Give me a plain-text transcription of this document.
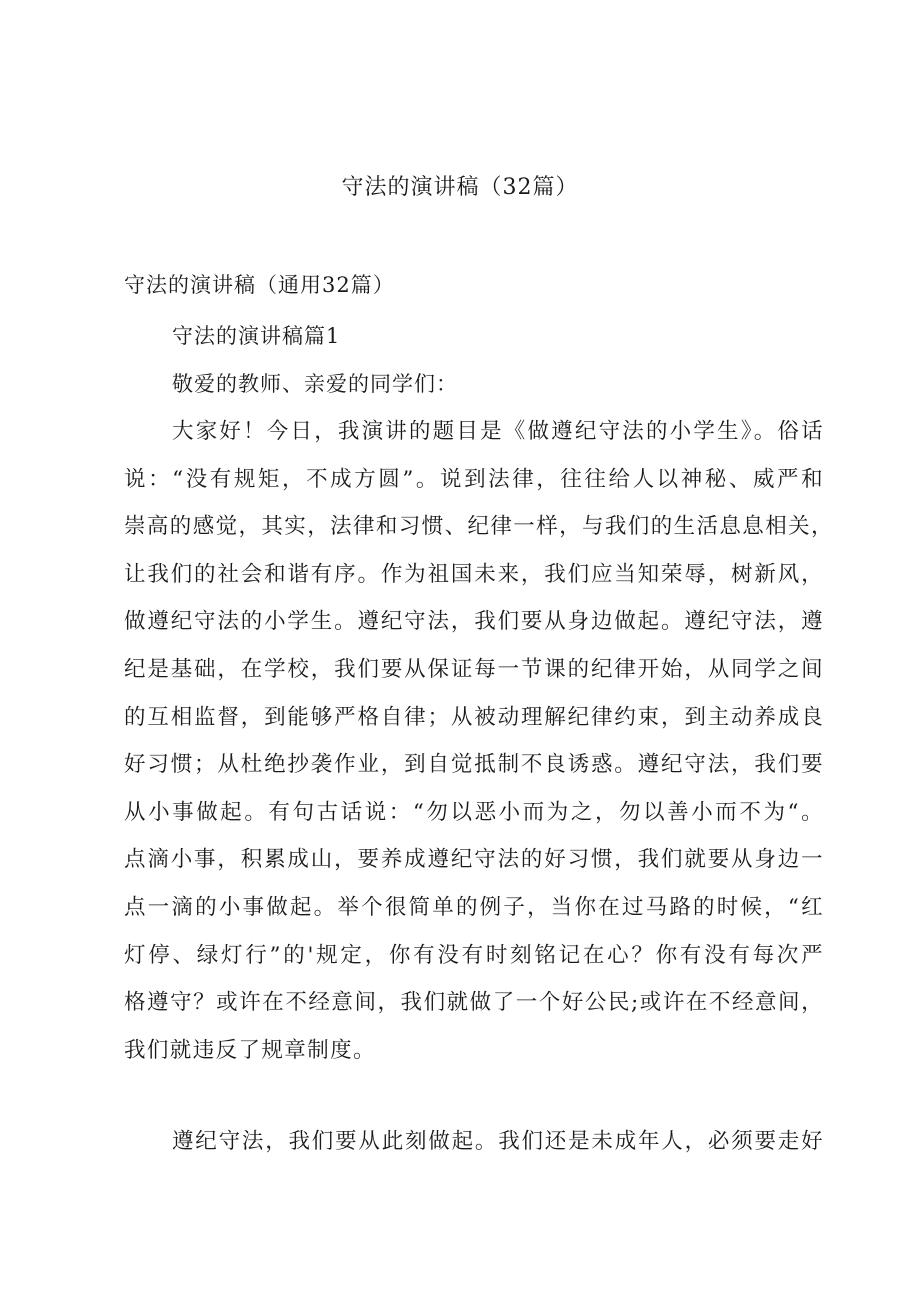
守法的演讲稿（32篇）

守法的演讲稿（通用32篇）

守法的演讲稿篇1

敬爱的教师、亲爱的同学们：

大家好！今日，我演讲的题目是《做遵纪守法的小学生》。俗话
说：“没有规矩，不成方圆”。说到法律，往往给人以神秘、威严和
崇高的感觉，其实，法律和习惯、纪律一样，与我们的生活息息相关，
让我们的社会和谐有序。作为祖国未来，我们应当知荣辱，树新风，
做遵纪守法的小学生。遵纪守法，我们要从身边做起。遵纪守法，遵
纪是基础，在学校，我们要从保证每一节课的纪律开始，从同学之间
的互相监督，到能够严格自律；从被动理解纪律约束，到主动养成良
好习惯；从杜绝抄袭作业，到自觉抵制不良诱惑。遵纪守法，我们要
从小事做起。有句古话说：“勿以恶小而为之，勿以善小而不为“。
点滴小事，积累成山，要养成遵纪守法的好习惯，我们就要从身边一
点一滴的小事做起。举个很简单的例子，当你在过马路的时候，“红
灯停、绿灯行”的'规定，你有没有时刻铭记在心？你有没有每次严
格遵守？或许在不经意间，我们就做了一个好公民;或许在不经意间，
我们就违反了规章制度。
遵纪守法，我们要从此刻做起。我们还是未成年人，必须要走好
